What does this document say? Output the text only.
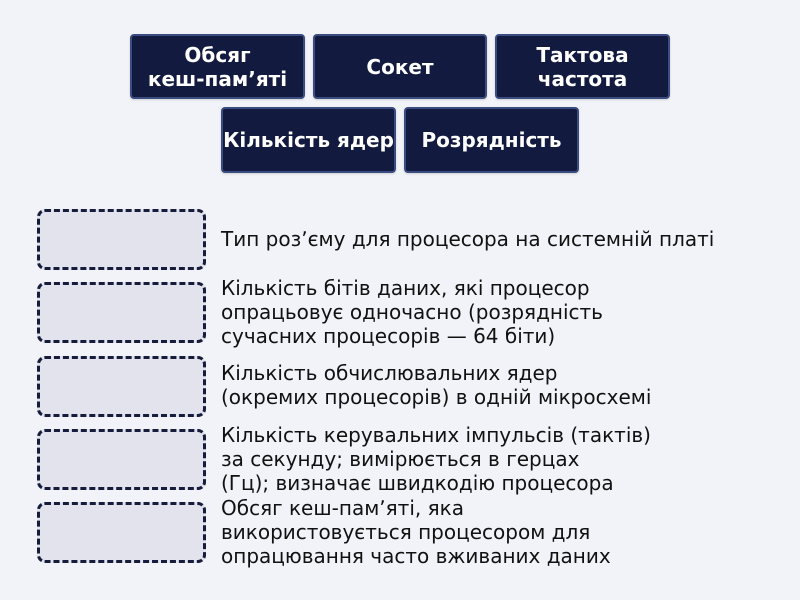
Обсяг
кеш-пам’яті	Сокет	Тактова
частота
Кількість ядер	Розрядність
Тип розʼєму для процесора на системній платі
Кількість бітів даних, які процесор
опрацьовує одночасно (розрядність
сучасних процесорів — 64 біти)
Кількість обчислювальних ядер
(окремих процесорів) в одній мікросхемі
Кількість керувальних імпульсів (тактів)
за секунду; вимірюється в герцах
(Гц); визначає швидкодію процесора
Обсяг кеш-памʼяті, яка
використовується процесором для
опрацювання часто вживаних даних
